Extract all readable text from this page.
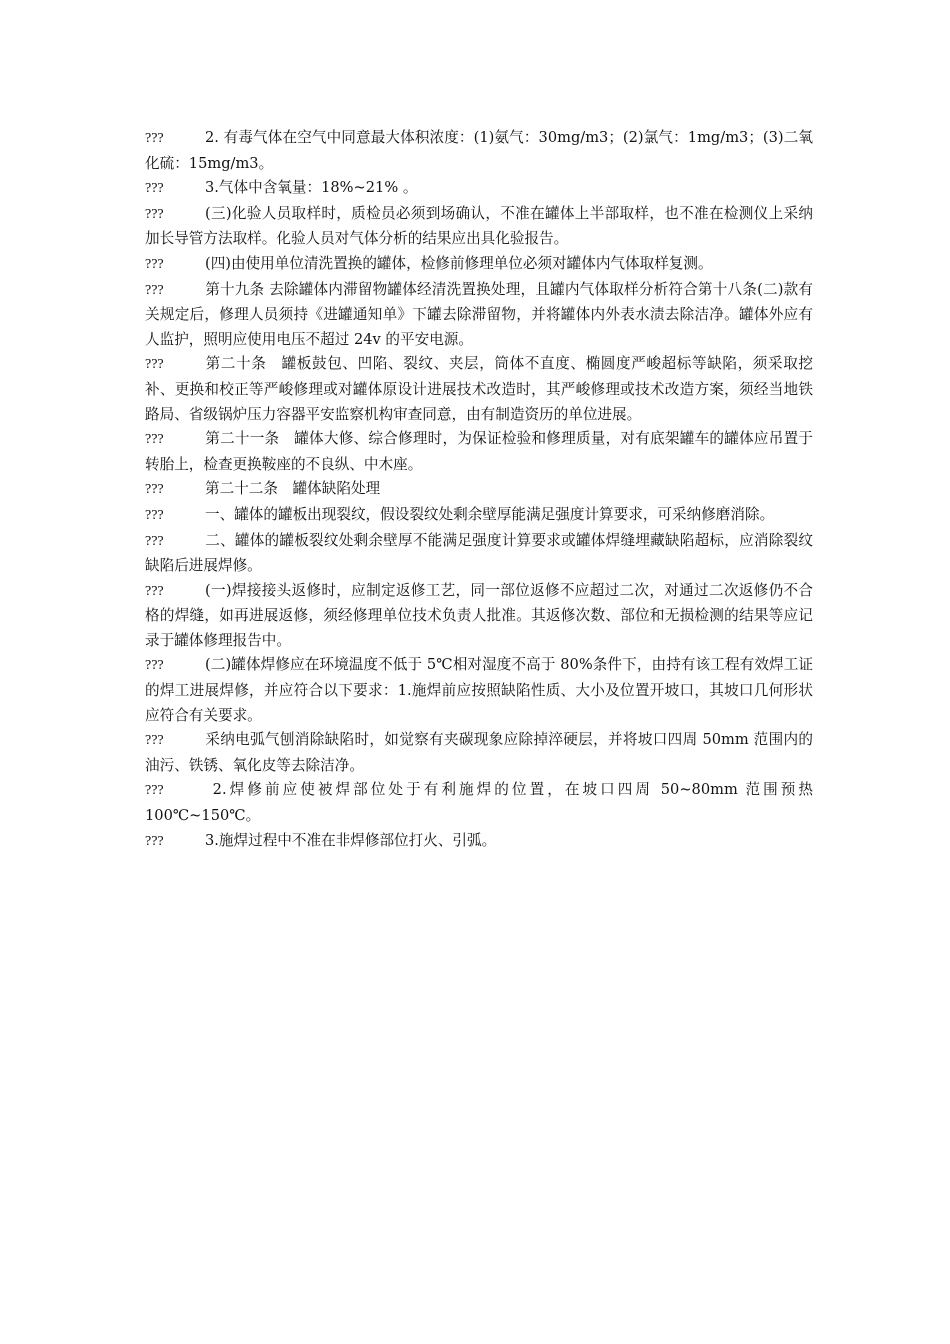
???	2. 有毒气体在空气中同意最大体积浓度：(1)氨气：30mg/m3；(2)氯气：1mg/m3；(3)二氧化硫：15mg/m3。

???	3.气体中含氧量：18%~21% 。

???	(三)化验人员取样时，质检员必须到场确认，不准在罐体上半部取样，也不准在检测仪上采纳加长导管方法取样。化验人员对气体分析的结果应出具化验报告。

???	(四)由使用单位清洗置换的罐体，检修前修理单位必须对罐体内气体取样复测。

???	第十九条 去除罐体内滞留物罐体经清洗置换处理，且罐内气体取样分析符合第十八条(二)款有关规定后，修理人员须持《进罐通知单》下罐去除滞留物，并将罐体内外表水渍去除洁净。罐体外应有人监护，照明应使用电压不超过 24v 的平安电源。

???	第二十条　罐板鼓包、凹陷、裂纹、夹层，筒体不直度、椭圆度严峻超标等缺陷，须采取挖补、更换和校正等严峻修理或对罐体原设计进展技术改造时，其严峻修理或技术改造方案，须经当地铁路局、省级锅炉压力容器平安监察机构审查同意，由有制造资历的单位进展。

???	第二十一条　罐体大修、综合修理时，为保证检验和修理质量，对有底架罐车的罐体应吊置于转胎上，检查更换鞍座的不良纵、中木座。

???	第二十二条　罐体缺陷处理

???	一、罐体的罐板出现裂纹，假设裂纹处剩余壁厚能满足强度计算要求，可采纳修磨消除。

???	二、罐体的罐板裂纹处剩余壁厚不能满足强度计算要求或罐体焊缝埋藏缺陷超标，应消除裂纹缺陷后进展焊修。

???	(一)焊接接头返修时，应制定返修工艺，同一部位返修不应超过二次，对通过二次返修仍不合格的焊缝，如再进展返修，须经修理单位技术负责人批准。其返修次数、部位和无损检测的结果等应记录于罐体修理报告中。

???	(二)罐体焊修应在环境温度不低于 5℃相对湿度不高于 80%条件下，由持有该工程有效焊工证的焊工进展焊修，并应符合以下要求：1.施焊前应按照缺陷性质、大小及位置开坡口，其坡口几何形状应符合有关要求。

???	采纳电弧气刨消除缺陷时，如觉察有夹碳现象应除掉淬硬层，并将坡口四周 50mm 范围内的油污、铁锈、氧化皮等去除洁净。

???	2.焊修前应使被焊部位处于有利施焊的位置，在坡口四周 50~80mm 范围预热 100℃~150℃。

???	3.施焊过程中不准在非焊修部位打火、引弧。
